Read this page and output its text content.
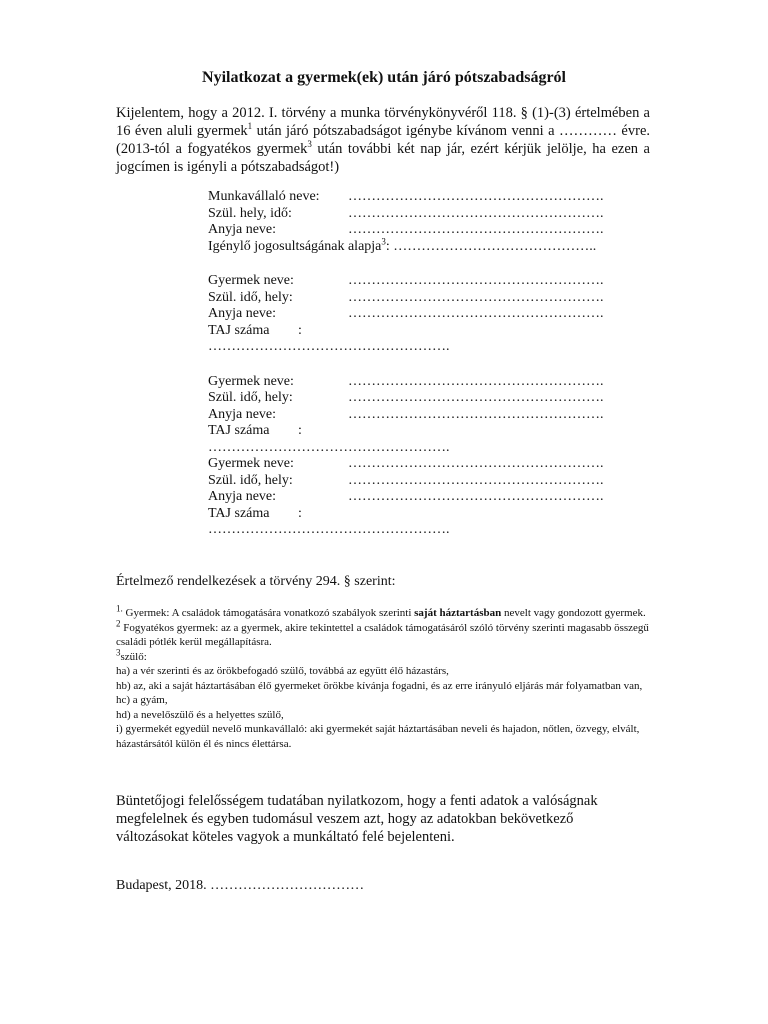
Nyilatkozat a gyermek(ek) után járó pótszabadságról

Kijelentem, hogy a 2012. I. törvény a munka törvénykönyvéről 118. § (1)-(3) értelmében a 16 éven aluli gyermek$^1$ után járó pótszabadságot igénybe kívánom venni a ………… évre. (2013-tól a fogyatékos gyermek$^3$ után további két nap jár, ezért kérjük jelölje, ha ezen a jogcímen is igényli a pótszabadságot!)

Munkavállaló neve: ……………………………………………….
Szül. hely, idő:	……………………………………………….
Anyja neve:	……………………………………………….
Igénylő jogosultságának alapja$^3$: ……………………………………..
Gyermek neve:	……………………………………………….
Szül. idő, hely:	……………………………………………….
Anyja neve:	……………………………………………….
TAJ száma :
…………………………………………….
Gyermek neve:	……………………………………………….
Szül. idő, hely:	……………………………………………….
Anyja neve:	……………………………………………….
TAJ száma :
…………………………………………….
Gyermek neve:	……………………………………………….
Szül. idő, hely:	……………………………………………….
Anyja neve:	……………………………………………….
TAJ száma :
…………………………………………….

Értelmező rendelkezések a törvény 294. § szerint:

$^{1.}$ Gyermek: A családok támogatására vonatkozó szabályok szerinti saját háztartásban nevelt vagy gondozott gyermek.

$^2$ Fogyatékos gyermek: az a gyermek, akire tekintettel a családok támogatásáról szóló törvény szerinti magasabb összegű családi pótlék kerül megállapításra.

$^3$szülő:

ha) a vér szerinti és az örökbefogadó szülő, továbbá az együtt élő házastárs,

hb) az, aki a saját háztartásában élő gyermeket örökbe kívánja fogadni, és az erre irányuló eljárás már folyamatban van,

hc) a gyám,

hd) a nevelőszülő és a helyettes szülő,

i) gyermekét egyedül nevelő munkavállaló: aki gyermekét saját háztartásában neveli és hajadon, nőtlen, özvegy, elvált, házastársától külön él és nincs élettársa.

Büntetőjogi felelősségem tudatában nyilatkozom, hogy a fenti adatok a valóságnak megfelelnek és egyben tudomásul veszem azt, hogy az adatokban bekövetkező változásokat köteles vagyok a munkáltató felé bejelenteni.

Budapest, 2018. ……………………………
